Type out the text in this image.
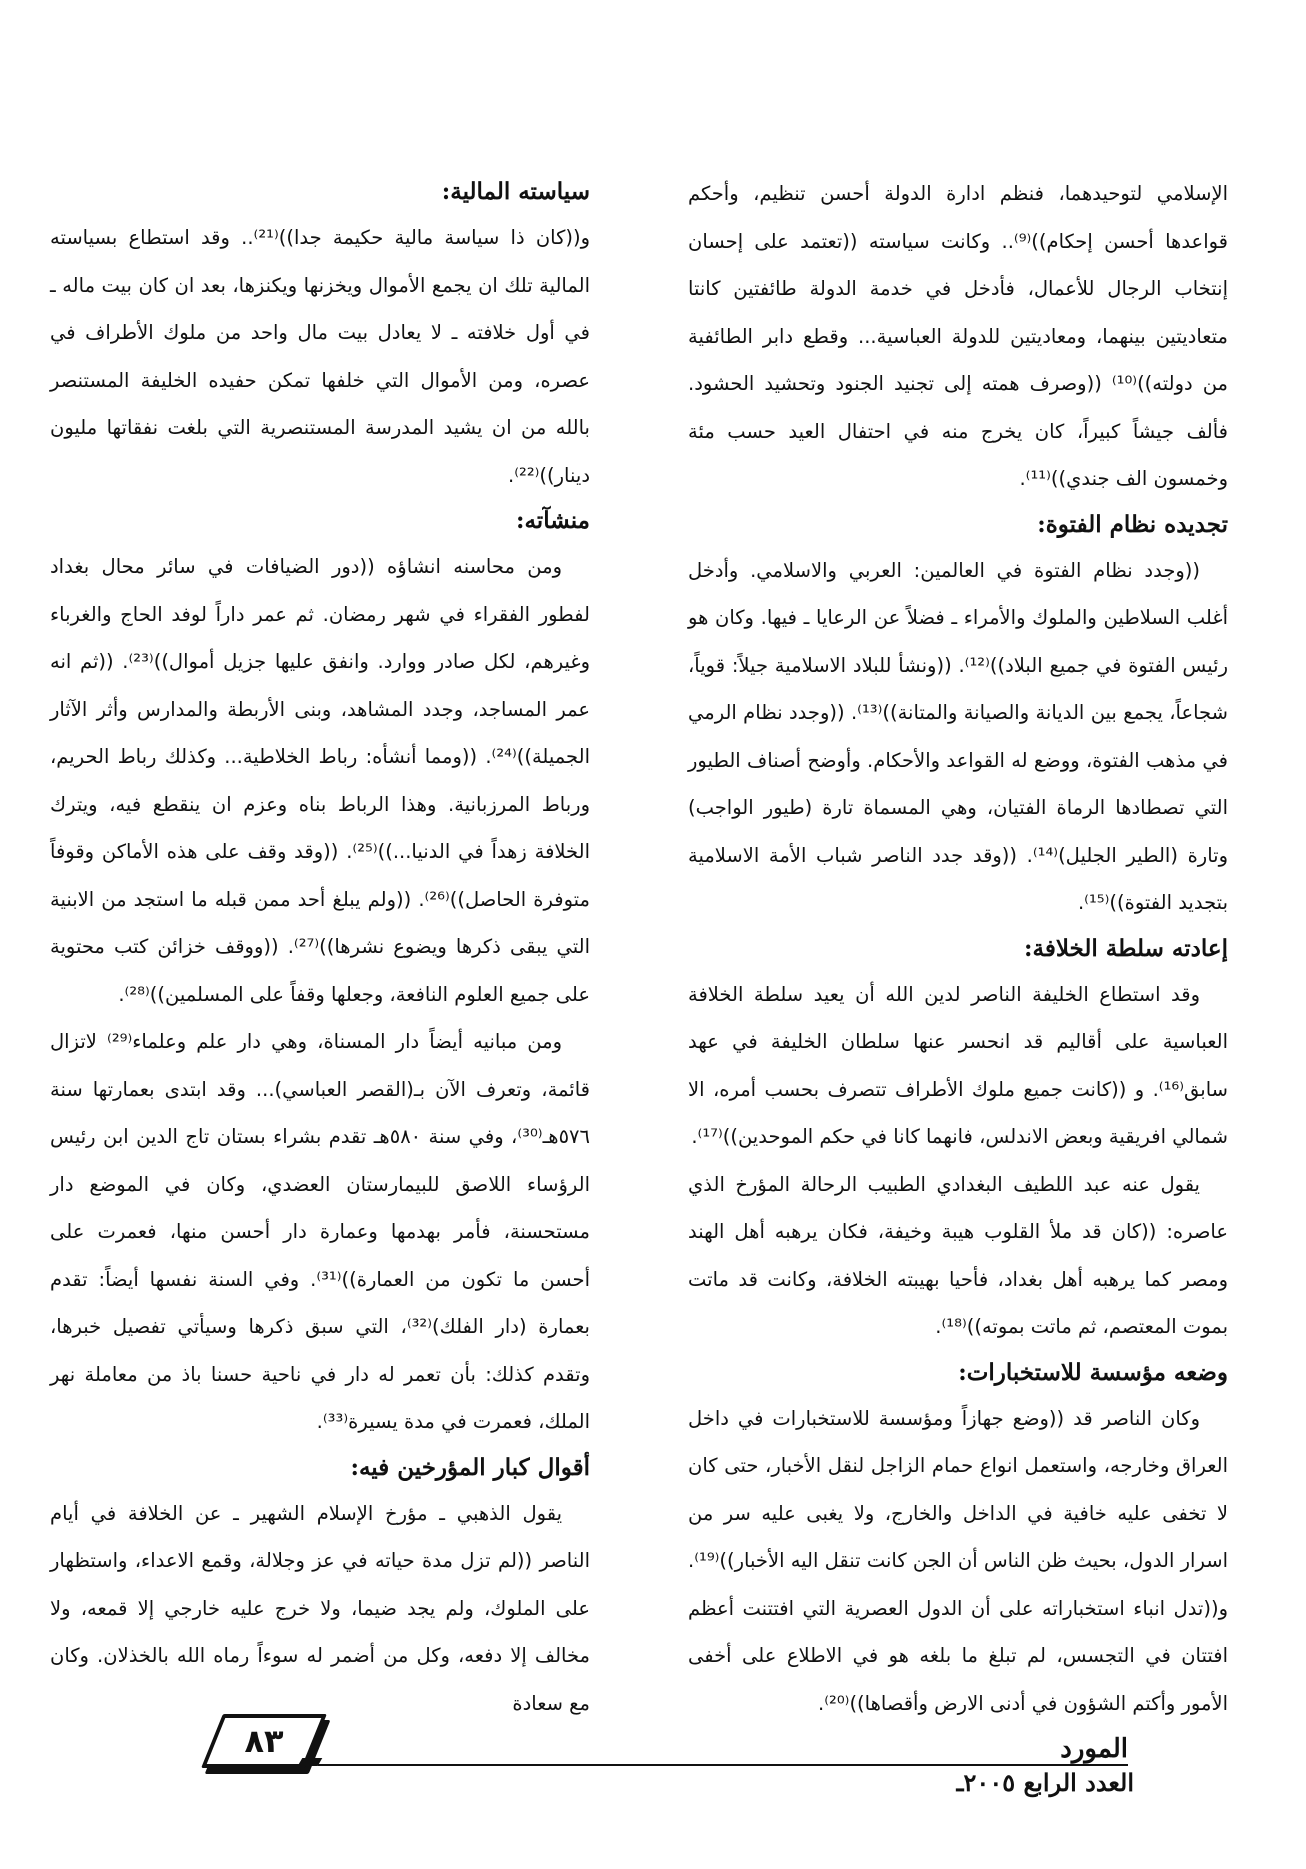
الإسلامي لتوحيدهما، فنظم ادارة الدولة أحسن تنظيم، وأحكم قواعدها أحسن إحكام))⁽⁹⁾.. وكانت سياسته ((تعتمد على إحسان إنتخاب الرجال للأعمال، فأدخل في خدمة الدولة طائفتين كانتا متعاديتين بينهما، ومعاديتين للدولة العباسية... وقطع دابر الطائفية من دولته))⁽¹⁰⁾ ((وصرف همته إلى تجنيد الجنود وتحشيد الحشود. فألف جيشاً كبيراً، كان يخرج منه في احتفال العيد حسب مئة وخمسون الف جندي))⁽¹¹⁾.

تجديده نظام الفتوة:

((وجدد نظام الفتوة في العالمين: العربي والاسلامي. وأدخل أغلب السلاطين والملوك والأمراء ـ فضلاً عن الرعايا ـ فيها. وكان هو رئيس الفتوة في جميع البلاد))⁽¹²⁾. ((ونشأ للبلاد الاسلامية جيلاً: قوياً، شجاعاً، يجمع بين الديانة والصيانة والمتانة))⁽¹³⁾. ((وجدد نظام الرمي في مذهب الفتوة، ووضع له القواعد والأحكام. وأوضح أصناف الطيور التي تصطادها الرماة الفتيان، وهي المسماة تارة (طيور الواجب) وتارة (الطير الجليل)⁽¹⁴⁾. ((وقد جدد الناصر شباب الأمة الاسلامية بتجديد الفتوة))⁽¹⁵⁾.

إعادته سلطة الخلافة:

وقد استطاع الخليفة الناصر لدين الله أن يعيد سلطة الخلافة العباسية على أقاليم قد انحسر عنها سلطان الخليفة في عهد سابق⁽¹⁶⁾. و ((كانت جميع ملوك الأطراف تتصرف بحسب أمره، الا شمالي افريقية وبعض الاندلس، فانهما كانا في حكم الموحدين))⁽¹⁷⁾.

يقول عنه عبد اللطيف البغدادي الطبيب الرحالة المؤرخ الذي عاصره: ((كان قد ملأ القلوب هيبة وخيفة، فكان يرهبه أهل الهند ومصر كما يرهبه أهل بغداد، فأحيا بهيبته الخلافة، وكانت قد ماتت بموت المعتصم، ثم ماتت بموته))⁽¹⁸⁾.

وضعه مؤسسة للاستخبارات:

وكان الناصر قد ((وضع جهازاً ومؤسسة للاستخبارات في داخل العراق وخارجه، واستعمل انواع حمام الزاجل لنقل الأخبار، حتى كان لا تخفى عليه خافية في الداخل والخارج، ولا يغبى عليه سر من اسرار الدول، بحيث ظن الناس أن الجن كانت تنقل اليه الأخبار))⁽¹⁹⁾. و((تدل انباء استخباراته على أن الدول العصرية التي افتتنت أعظم افتتان في التجسس، لم تبلغ ما بلغه هو في الاطلاع على أخفى الأمور وأكتم الشؤون في أدنى الارض وأقصاها))⁽²⁰⁾.

سياسته المالية:

و((كان ذا سياسة مالية حكيمة جدا))⁽²¹⁾.. وقد استطاع بسياسته المالية تلك ان يجمع الأموال ويخزنها ويكنزها، بعد ان كان بيت ماله ـ في أول خلافته ـ لا يعادل بيت مال واحد من ملوك الأطراف في عصره، ومن الأموال التي خلفها تمكن حفيده الخليفة المستنصر بالله من ان يشيد المدرسة المستنصرية التي بلغت نفقاتها مليون دينار))⁽²²⁾.

منشآته:

ومن محاسنه انشاؤه ((دور الضيافات في سائر محال بغداد لفطور الفقراء في شهر رمضان. ثم عمر داراً لوفد الحاج والغرباء وغيرهم، لكل صادر ووارد. وانفق عليها جزيل أموال))⁽²³⁾. ((ثم انه عمر المساجد، وجدد المشاهد، وبنى الأربطة والمدارس وأثر الآثار الجميلة))⁽²⁴⁾. ((ومما أنشأه: رباط الخلاطية... وكذلك رباط الحريم، ورباط المرزبانية. وهذا الرباط بناه وعزم ان ينقطع فيه، ويترك الخلافة زهداً في الدنيا...))⁽²⁵⁾. ((وقد وقف على هذه الأماكن وقوفاً متوفرة الحاصل))⁽²⁶⁾. ((ولم يبلغ أحد ممن قبله ما استجد من الابنية التي يبقى ذكرها ويضوع نشرها))⁽²⁷⁾. ((ووقف خزائن كتب محتوية على جميع العلوم النافعة، وجعلها وقفاً على المسلمين))⁽²⁸⁾.

ومن مبانيه أيضاً دار المسناة، وهي دار علم وعلماء⁽²⁹⁾ لاتزال قائمة، وتعرف الآن بـ(القصر العباسي)... وقد ابتدى بعمارتها سنة ٥٧٦هـ⁽³⁰⁾، وفي سنة ٥٨٠هـ تقدم بشراء بستان تاج الدين ابن رئيس الرؤساء اللاصق للبيمارستان العضدي، وكان في الموضع دار مستحسنة، فأمر بهدمها وعمارة دار أحسن منها، فعمرت على أحسن ما تكون من العمارة))⁽³¹⁾. وفي السنة نفسها أيضاً: تقدم بعمارة (دار الفلك)⁽³²⁾، التي سبق ذكرها وسيأتي تفصيل خبرها، وتقدم كذلك: بأن تعمر له دار في ناحية حسنا باذ من معاملة نهر الملك، فعمرت في مدة يسيرة⁽³³⁾.

أقوال كبار المؤرخين فيه:

يقول الذهبي ـ مؤرخ الإسلام الشهير ـ عن الخلافة في أيام الناصر ((لم تزل مدة حياته في عز وجلالة، وقمع الاعداء، واستظهار على الملوك، ولم يجد ضيما، ولا خرج عليه خارجي إلا قمعه، ولا مخالف إلا دفعه، وكل من أضمر له سوءاً رماه الله بالخذلان. وكان مع سعادة

٨٣	المورد
العدد الرابع ٢٠٠٥ـ
